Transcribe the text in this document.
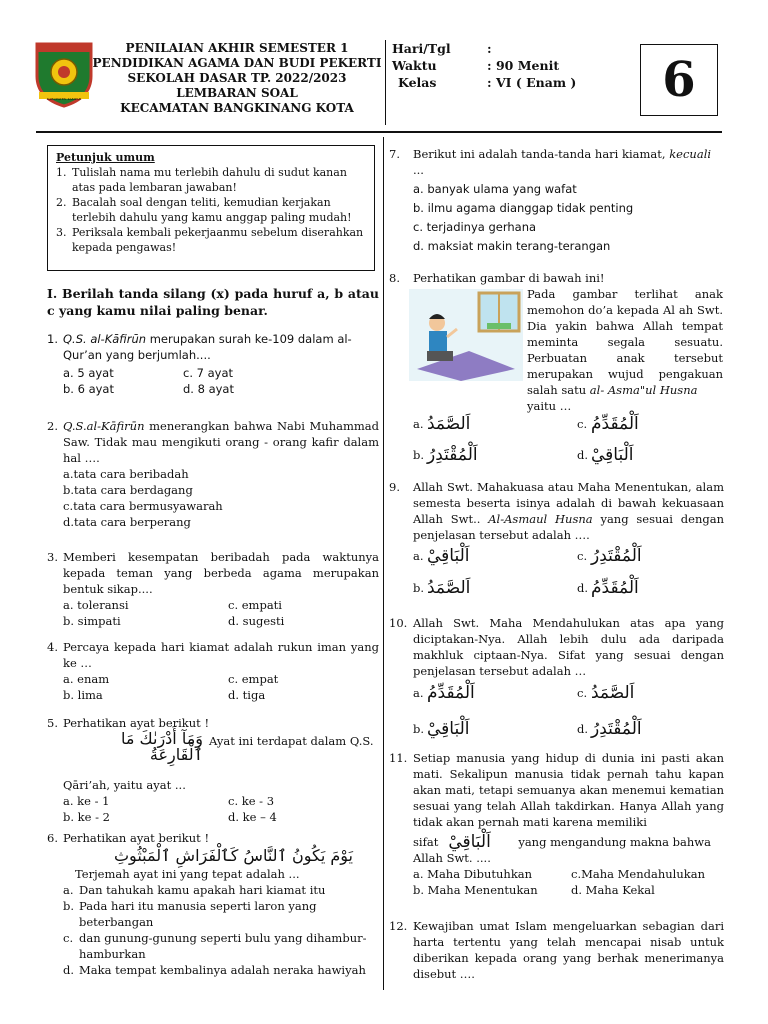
KABUPATEN KAMPAR
PENILAIAN AKHIR SEMESTER 1
PENDIDIKAN AGAMA DAN BUDI PEKERTI
SEKOLAH DASAR TP. 2022/2023
LEMBARAN SOAL
KECAMATAN BANGKINANG KOTA
Hari/Tgl	:
Waktu	: 90 Menit
Kelas	: VI ( Enam )	6
Petunjuk umum
1. Tulislah nama mu terlebih dahulu di sudut kanan atas pada lembaran jawaban!
2. Bacalah soal dengan teliti, kemudian kerjakan terlebih dahulu yang kamu anggap paling mudah!
3. Periksala kembali pekerjaanmu sebelum diserahkan kepada pengawas!
I. Berilah tanda silang (x) pada huruf a, b atau c yang kamu nilai paling benar.
1. Q.S. al-Kāfirūn merupakan surah ke-109 dalam al-Qur’an yang berjumlah....
a. 5 ayat	c. 7 ayat
b. 6 ayat	d. 8 ayat
2. Q.S.al-Kāfirūn menerangkan bahwa Nabi Muhammad Saw. Tidak mau mengikuti orang - orang kafir dalam hal ….
a.tata cara beribadah
b.tata cara berdagang
c.tata cara bermusyawarah
d.tata cara berperang
3. Memberi kesempatan beribadah pada waktunya kepada teman yang berbeda agama merupakan bentuk sikap....
a. toleransi	c. empati
b. simpati	d. sugesti
4. Percaya kepada hari kiamat adalah rukun iman yang ke …
a. enam	c. empat
b. lima	d. tiga
5. Perhatikan ayat berikut !
وَمَآ أَدْرَىٰكَ مَا ٱلْقَارِعَةُ
Ayat ini terdapat dalam Q.S.
Qāri’ah, yaitu ayat ...
a. ke - 1	c. ke - 3
b. ke - 2	d. ke – 4
6. Perhatikan ayat berikut !
يَوْمَ يَكُونُ ٱلنَّاسُ كَٱلْفَرَاشِ ٱلْمَبْثُوثِ
Terjemah ayat ini yang tepat adalah ...
a. Dan tahukah kamu apakah hari kiamat itu
b. Pada hari itu manusia seperti laron yang beterbangan
c. dan gunung-gunung seperti bulu yang dihambur-hamburkan
d. Maka tempat kembalinya adalah neraka hawiyah
7.	Berikut ini adalah tanda-tanda hari kiamat, kecuali
...
a. banyak ulama yang wafat
b. ilmu agama dianggap tidak penting
c. terjadinya gerhana
d. maksiat makin terang-terangan
8.	Perhatikan gambar di bawah ini!
Pada gambar terlihat anak memohon do’a kepada Al ah Swt. Dia yakin bahwa Allah tempat meminta segala sesuatu. Perbuatan anak tersebut merupakan wujud pengakuan salah satu al- Asma"ul Husna
yaitu …
a. اَلصَّمَدُ	c. اَلْمُقَدِّمُ
b. اَلْمُقْتَدِرُ	d. اَلْبَاقِيْ
9.	Allah Swt. Mahakuasa atau Maha Menentukan, alam semesta beserta isinya adalah di bawah kekuasaan Allah Swt.. Al-Asmaul Husna yang sesuai dengan penjelasan tersebut adalah ….
a. اَلْبَاقِيْ	c. اَلْمُقْتَدِرُ
b. اَلصَّمَدُ	d. اَلْمُقَدِّمُ
10. Allah Swt. Maha Mendahulukan atas apa yang diciptakan-Nya. Allah lebih dulu ada daripada makhluk ciptaan-Nya. Sifat yang sesuai dengan penjelasan tersebut adalah …
a. اَلْمُقَدِّمُ	c. اَلصَّمَدُ
b. اَلْبَاقِيْ	d. اَلْمُقْتَدِرُ
11. Setiap manusia yang hidup di dunia ini pasti akan mati. Sekalipun manusia tidak pernah tahu kapan akan mati, tetapi semuanya akan menemui kematian sesuai yang telah Allah takdirkan. Hanya Allah yang tidak akan pernah mati karena memiliki
sifat اَلْبَاقِيْ	yang mengandung makna bahwa
Allah Swt. ....
a. Maha Dibutuhkan	c.Maha Mendahulukan
b. Maha Menentukan	d. Maha Kekal
12. Kewajiban umat Islam mengeluarkan sebagian dari harta tertentu yang telah mencapai nisab untuk diberikan kepada orang yang berhak menerimanya disebut ….
